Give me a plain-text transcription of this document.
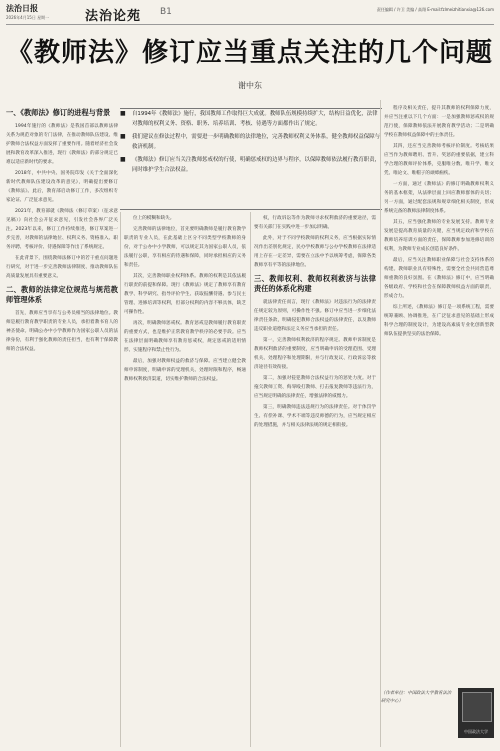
法治日报
2026年4月15日 星期一	法治论苑 B1	责任编辑 / 许卫 美编 / 高翔 E-mail:fzlmeizhitianxia@126.com
《教师法》修订应当重点关注的几个问题
谢中东
■ 自1994年《教师法》施行，我国教师工作取得巨大成就。教师队伍规模持续扩大，结构日益优化，法律对教师的权利义务、资格、职务、培养培训、考核、待遇等方面都作出了规定。
■ 我们建议在修法过程中，需要进一步明确教师的法律地位，完善教师权利义务体系，健全教师权益保障与救济机制。
■ 《教师法》修订应当关注教师惩戒权的行使，明确惩戒权的边界与程序，以保障教师依法履行教育职责，同时维护学生合法权益。

一、《教师法》修订的进程与背景

1994年施行的《教师法》是我国首部以教师法律关系为规范对象的专门法律，在推动教师队伍建设、维护教师合法权益方面发挥了重要作用。随着经济社会发展和教育改革深入推进，现行《教师法》的部分规定已难以适应新时代的要求。

2018年，中共中央、国务院印发《关于全面深化新时代教师队伍建设改革的意见》，明确提出要修订《教师法》。此后，教育部启动修订工作，多次组织专家论证、广泛征求意见。

2021年，教育部就《教师法（修订草案）（征求意见稿）》向社会公开征求意见，引发社会各界广泛关注。2023年以来，修订工作持续推进，修订草案进一步完善，对教师的法律地位、权利义务、资格准入、职务评聘、考核评价、待遇保障等作出了系统规定。

在此背景下，围绕教师法修订中的若干重点问题进行研究，对于进一步完善教师法律制度、推动教师队伍高质量发展具有重要意义。

二、教师的法律定位规范与规范教师管理体系

首先，教师应当享有与公务员相当的法律地位。教师是履行教育教学职责的专业人员，承担着教书育人的神圣使命。明确公办中小学教师作为国家公职人员的法律身份，有利于强化教师的责任担当，也有利于保障教师的合法权益。

位上的模糊和缺失。

完善教师的法律地位，首先要明确教师是履行教育教学职责的专业人员，在此基础上区分不同类型学校教师的身份，对于公办中小学教师，可以规定其为国家公职人员，依法履行公职，享有相应的待遇和保障，同时承担相应的义务和责任。

其次，完善教师职业权利体系。教师的权利是其依法履行职责的前提和保障。现行《教师法》规定了教师享有教育教学、科学研究、指导评价学生、获取报酬待遇、参与民主管理、进修培训等权利，但部分权利的内容不够具体，缺乏可操作性。

再次，明确教师惩戒权。教育惩戒是教师履行教育职责的重要方式，也是维护正常教育教学秩序的必要手段。应当在法律层面明确教师享有教育惩戒权，规定惩戒的适用情形、实施程序和禁止性行为。

最后，加强对教师权益的救济与保障。应当建立健全教师申诉制度，明确申诉的受理机关、处理时限和程序，畅通教师权利救济渠道，切实维护教师的合法权益。

权，行政诉讼等作为教师寻求权利救济的重要途径，需要有关部门在实践中进一步加以明确。

此外，对于不同学校教师的权利义务，应当根据实际情况作出差别化规定，民办学校教师与公办学校教师在法律适用上存在一定差异，需要在立法中予以统筹考虑，保障各类教师享有平等的法律地位。

三、教师权利、教师权利救济与法律责任的体系化构建

就法律责任而言，现行《教师法》对违法行为的法律责任规定较为原则，可操作性不强。修订中应当进一步细化法律责任条款，明确侵犯教师合法权益的法律责任，以及教师违反职业道德和法定义务应当承担的责任。

第一，完善教师权利救济的程序规定。教师申诉制度是教师权利救济的重要制度，应当明确申诉的受理范围、受理机关、处理程序和处理期限，并与行政复议、行政诉讼等救济途径有效衔接。

第二，加强对侵犯教师合法权益行为的惩处力度。对于拖欠教师工资、侮辱殴打教师、打击报复教师等违法行为，应当规定明确的法律责任，增强法律的威慑力。

第三，明确教师违法违规行为的法律责任。对于体罚学生、有偿补课、学术不端等违反师德的行为，应当规定相应的处理措施，并与相关法律法规的规定相衔接。

程序及相关责任，提升其教师的权利保障力度，并应当注重以下几个方面：一是加强教师惩戒权的规范行使，保障教师依法开展教育教学活动；二是明确学校在教师权益保障中的主体责任。

其四，还应当完善教师考核评价制度。考核结果应当作为教师聘用、晋升、奖惩的重要依据，建立科学合理的教师评价体系，克服唯分数、唯升学、唯文凭、唯论文、唯帽子的顽瘴痼疾。

一方面，通过《教师法》的修订明确教师权利义务的基本框架，从法律层面上回应教师群体的关切；另一方面，通过配套法规和规章细化相关制度，形成系统完备的教师法律制度体系。

其五，应当强化教师的专业发展支持。教师专业发展是提高教育质量的关键，应当规定政府和学校在教师培养培训方面的责任，保障教师参加进修培训的权利，为教师专业成长创造良好条件。

最后，应当关注教师职业保障与社会支持体系的构建。教师职业具有特殊性，需要全社会共同营造尊师重教的良好氛围。在《教师法》修订中，应当明确各级政府、学校和社会在保障教师权益方面的职责，形成合力。

综上所述，《教师法》修订是一项系统工程，需要统筹兼顾、协调推进，在广泛征求意见的基础上形成科学合理的制度设计，为建设高素质专业化创新型教师队伍提供坚实的法治保障。

（作者单位：中国政法大学教育法治研究中心）
中国政法大学
